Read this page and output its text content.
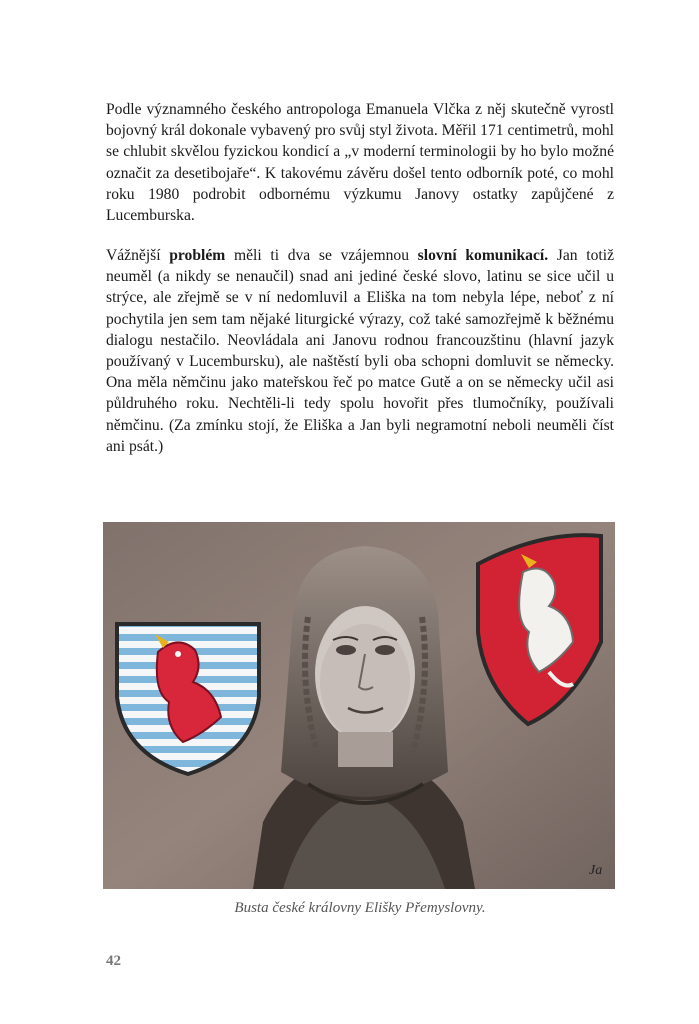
Podle významného českého antropologa Emanuela Vlčka z něj skutečně vyrostl bojovný král dokonale vybavený pro svůj styl života. Měřil 171 centimetrů, mohl se chlubit skvělou fyzickou kondicí a „v moderní terminologii by ho bylo možné označit za desetibojaře“. K takovému závěru došel tento odborník poté, co mohl roku 1980 podrobit odbornému výzkumu Janovy ostatky zapůjčené z Lucemburska.

Vážnější problém měli ti dva se vzájemnou slovní komunikací. Jan totiž neuměl (a nikdy se nenaučil) snad ani jediné české slovo, latinu se sice učil u strýce, ale zřejmě se v ní nedomluvil a Eliška na tom nebyla lépe, neboť z ní pochytila jen sem tam nějaké liturgické výrazy, což také samozřejmě k běžnému dialogu nestačilo. Neovládala ani Janovu rodnou francouzštinu (hlavní jazyk používaný v Lucembursku), ale naštěstí byli oba schopni domluvit se německy. Ona měla němčinu jako mateřskou řeč po matce Gutě a on se německy učil asi půldruhého roku. Nechtěli-li tedy spolu hovořit přes tlumočníky, používali němčinu. (Za zmínku stojí, že Eliška a Jan byli negramotní neboli neuměli číst ani psát.)

Ja
Busta české královny Elišky Přemyslovny.
42
